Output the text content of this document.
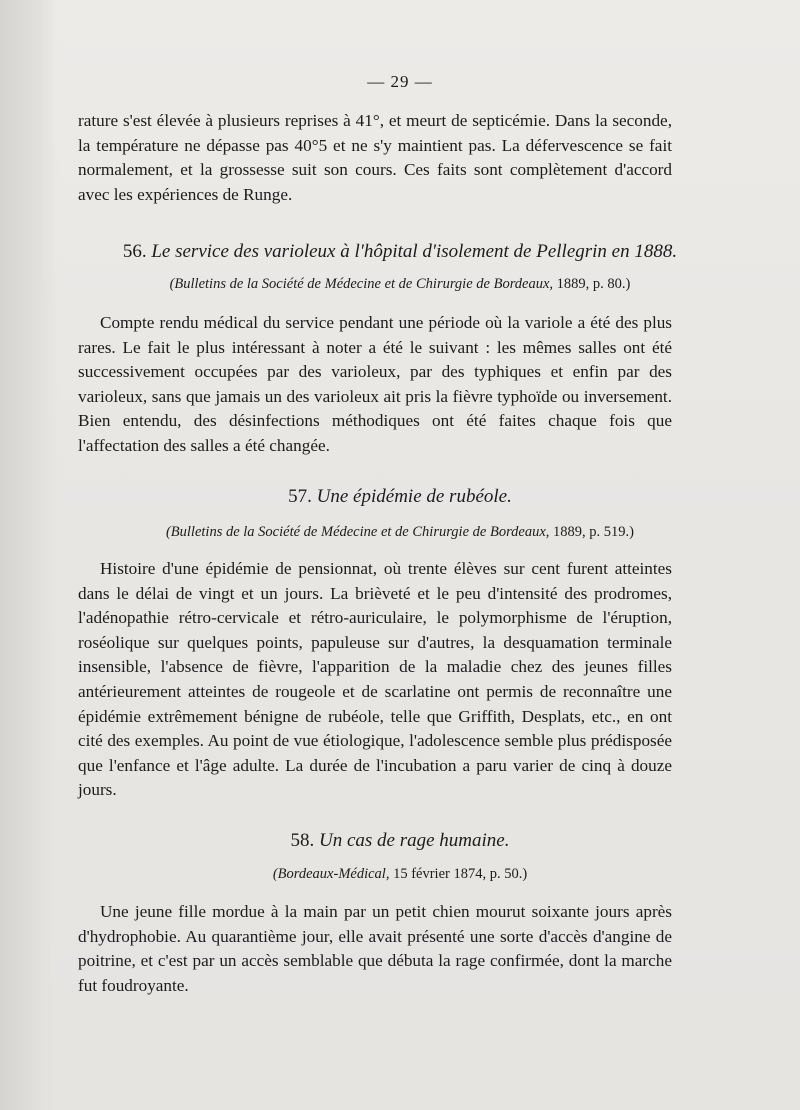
— 29 —

rature s'est élevée à plusieurs reprises à 41°, et meurt de septicémie. Dans la seconde, la température ne dépasse pas 40°5 et ne s'y maintient pas. La défervescence se fait normalement, et la grossesse suit son cours. Ces faits sont complètement d'accord avec les expériences de Runge.

56. Le service des varioleux à l'hôpital d'isolement de Pellegrin en 1888.
(Bulletins de la Société de Médecine et de Chirurgie de Bordeaux, 1889, p. 80.)

Compte rendu médical du service pendant une période où la variole a été des plus rares. Le fait le plus intéressant à noter a été le suivant : les mêmes salles ont été successivement occupées par des varioleux, par des typhiques et enfin par des varioleux, sans que jamais un des varioleux ait pris la fièvre typhoïde ou inversement. Bien entendu, des désinfections méthodiques ont été faites chaque fois que l'affectation des salles a été changée.

57. Une épidémie de rubéole.
(Bulletins de la Société de Médecine et de Chirurgie de Bordeaux, 1889, p. 519.)

Histoire d'une épidémie de pensionnat, où trente élèves sur cent furent atteintes dans le délai de vingt et un jours. La brièveté et le peu d'intensité des prodromes, l'adénopathie rétro-cervicale et rétro-auriculaire, le polymorphisme de l'éruption, roséolique sur quelques points, papuleuse sur d'autres, la desquamation terminale insensible, l'absence de fièvre, l'apparition de la maladie chez des jeunes filles antérieurement atteintes de rougeole et de scarlatine ont permis de reconnaître une épidémie extrêmement bénigne de rubéole, telle que Griffith, Desplats, etc., en ont cité des exemples. Au point de vue étiologique, l'adolescence semble plus prédisposée que l'enfance et l'âge adulte. La durée de l'incubation a paru varier de cinq à douze jours.

58. Un cas de rage humaine.
(Bordeaux-Médical, 15 février 1874, p. 50.)

Une jeune fille mordue à la main par un petit chien mourut soixante jours après d'hydrophobie. Au quarantième jour, elle avait présenté une sorte d'accès d'angine de poitrine, et c'est par un accès semblable que débuta la rage confirmée, dont la marche fut foudroyante.
